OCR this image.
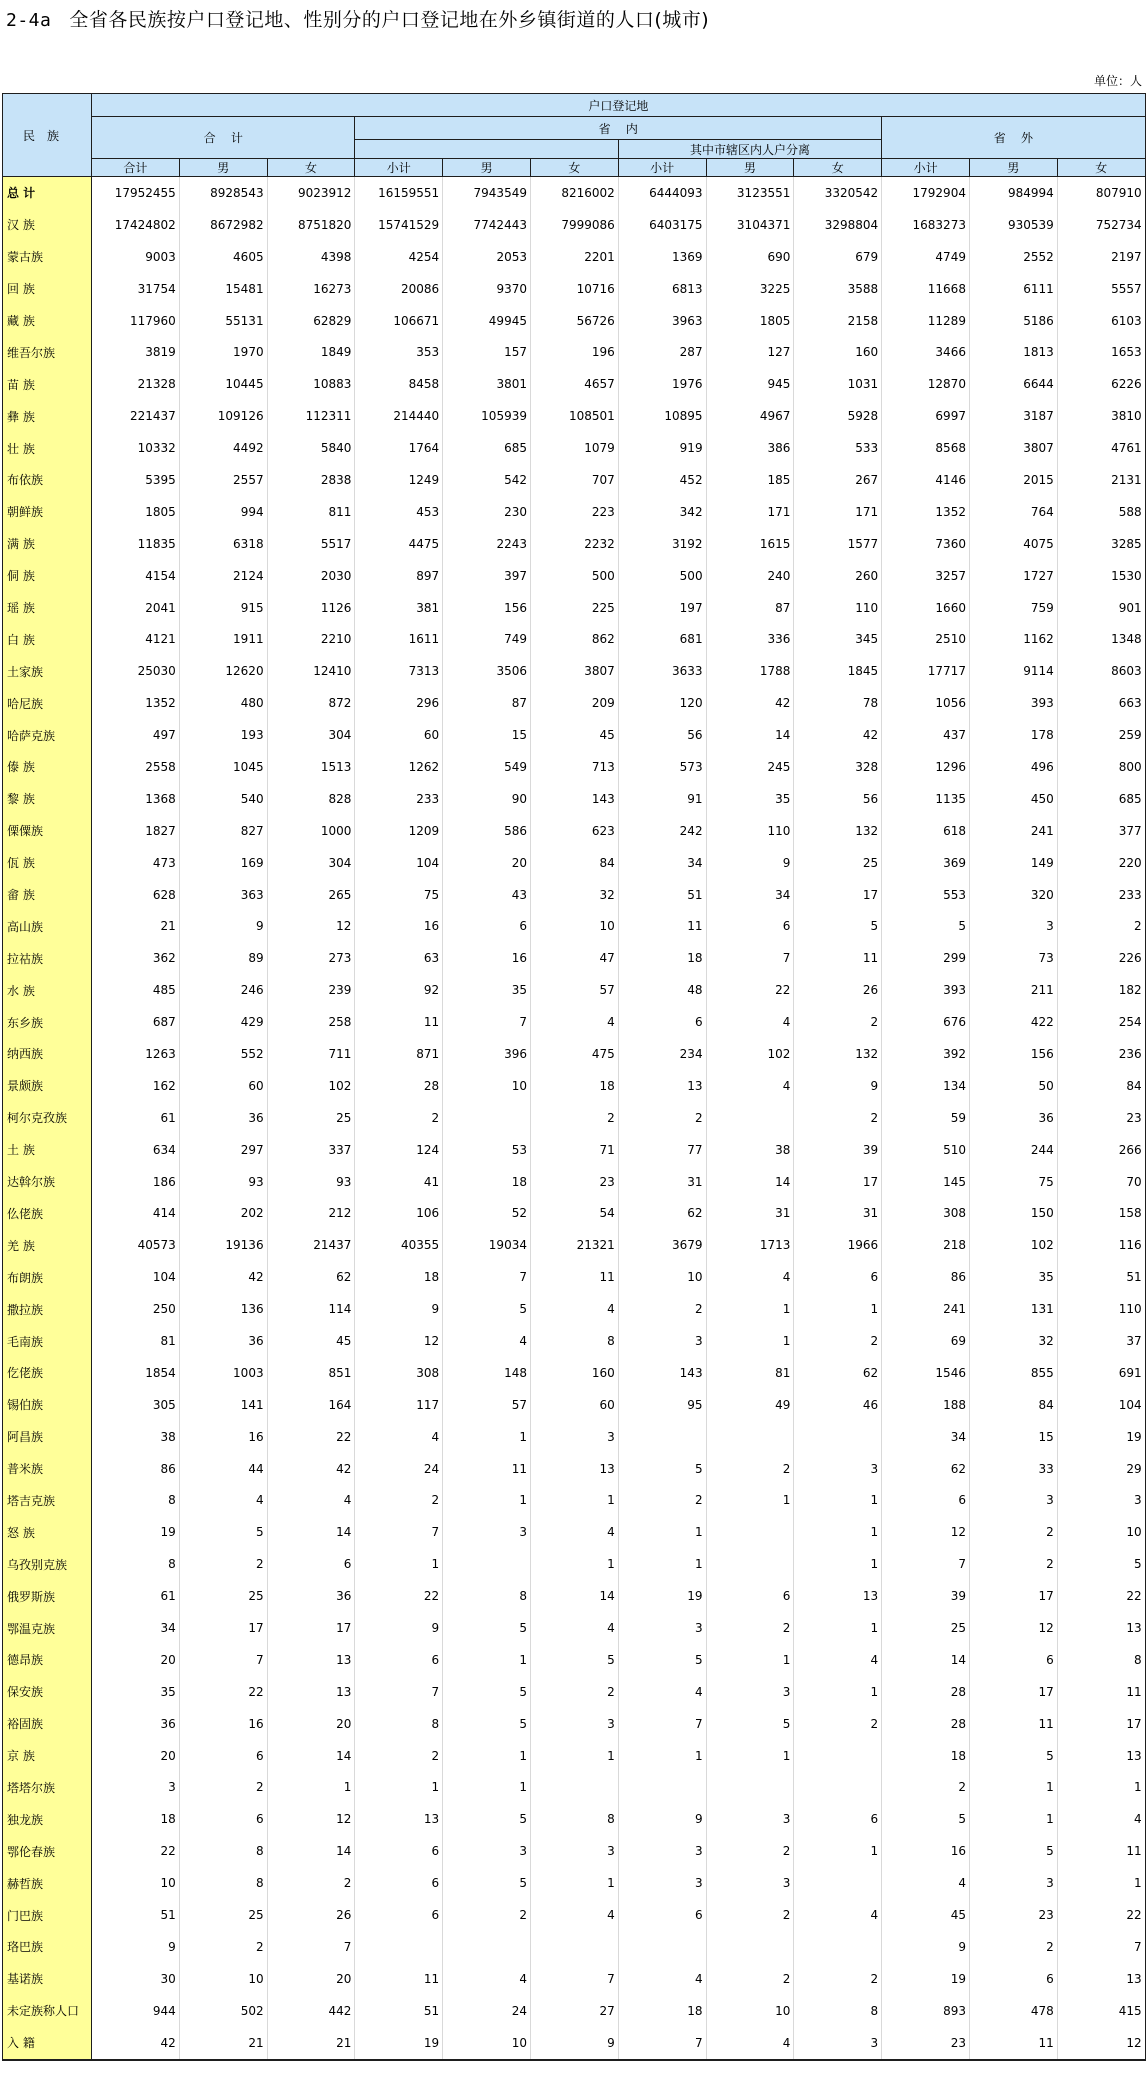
2-4a 全省各民族按户口登记地、性别分的户口登记地在外乡镇街道的人口(城市)
单位：人
民族	户口登记地											
	合    计			省    内						省    外		
							其中市辖区内人户分离					
	合计	男	女	小计	男	女	小计	男	女	小计	男	女
总 计	17952455	8928543	9023912	16159551	7943549	8216002	6444093	3123551	3320542	1792904	984994	807910
汉 族	17424802	8672982	8751820	15741529	7742443	7999086	6403175	3104371	3298804	1683273	930539	752734
蒙古族	9003	4605	4398	4254	2053	2201	1369	690	679	4749	2552	2197
回 族	31754	15481	16273	20086	9370	10716	6813	3225	3588	11668	6111	5557
藏 族	117960	55131	62829	106671	49945	56726	3963	1805	2158	11289	5186	6103
维吾尔族	3819	1970	1849	353	157	196	287	127	160	3466	1813	1653
苗 族	21328	10445	10883	8458	3801	4657	1976	945	1031	12870	6644	6226
彝 族	221437	109126	112311	214440	105939	108501	10895	4967	5928	6997	3187	3810
壮 族	10332	4492	5840	1764	685	1079	919	386	533	8568	3807	4761
布依族	5395	2557	2838	1249	542	707	452	185	267	4146	2015	2131
朝鲜族	1805	994	811	453	230	223	342	171	171	1352	764	588
满 族	11835	6318	5517	4475	2243	2232	3192	1615	1577	7360	4075	3285
侗 族	4154	2124	2030	897	397	500	500	240	260	3257	1727	1530
瑶 族	2041	915	1126	381	156	225	197	87	110	1660	759	901
白 族	4121	1911	2210	1611	749	862	681	336	345	2510	1162	1348
土家族	25030	12620	12410	7313	3506	3807	3633	1788	1845	17717	9114	8603
哈尼族	1352	480	872	296	87	209	120	42	78	1056	393	663
哈萨克族	497	193	304	60	15	45	56	14	42	437	178	259
傣 族	2558	1045	1513	1262	549	713	573	245	328	1296	496	800
黎 族	1368	540	828	233	90	143	91	35	56	1135	450	685
傈僳族	1827	827	1000	1209	586	623	242	110	132	618	241	377
佤 族	473	169	304	104	20	84	34	9	25	369	149	220
畲 族	628	363	265	75	43	32	51	34	17	553	320	233
高山族	21	9	12	16	6	10	11	6	5	5	3	2
拉祜族	362	89	273	63	16	47	18	7	11	299	73	226
水 族	485	246	239	92	35	57	48	22	26	393	211	182
东乡族	687	429	258	11	7	4	6	4	2	676	422	254
纳西族	1263	552	711	871	396	475	234	102	132	392	156	236
景颇族	162	60	102	28	10	18	13	4	9	134	50	84
柯尔克孜族	61	36	25	2		2	2		2	59	36	23
土 族	634	297	337	124	53	71	77	38	39	510	244	266
达斡尔族	186	93	93	41	18	23	31	14	17	145	75	70
仫佬族	414	202	212	106	52	54	62	31	31	308	150	158
羌 族	40573	19136	21437	40355	19034	21321	3679	1713	1966	218	102	116
布朗族	104	42	62	18	7	11	10	4	6	86	35	51
撒拉族	250	136	114	9	5	4	2	1	1	241	131	110
毛南族	81	36	45	12	4	8	3	1	2	69	32	37
仡佬族	1854	1003	851	308	148	160	143	81	62	1546	855	691
锡伯族	305	141	164	117	57	60	95	49	46	188	84	104
阿昌族	38	16	22	4	1	3				34	15	19
普米族	86	44	42	24	11	13	5	2	3	62	33	29
塔吉克族	8	4	4	2	1	1	2	1	1	6	3	3
怒 族	19	5	14	7	3	4	1		1	12	2	10
乌孜别克族	8	2	6	1		1	1		1	7	2	5
俄罗斯族	61	25	36	22	8	14	19	6	13	39	17	22
鄂温克族	34	17	17	9	5	4	3	2	1	25	12	13
德昂族	20	7	13	6	1	5	5	1	4	14	6	8
保安族	35	22	13	7	5	2	4	3	1	28	17	11
裕固族	36	16	20	8	5	3	7	5	2	28	11	17
京 族	20	6	14	2	1	1	1	1		18	5	13
塔塔尔族	3	2	1	1	1					2	1	1
独龙族	18	6	12	13	5	8	9	3	6	5	1	4
鄂伦春族	22	8	14	6	3	3	3	2	1	16	5	11
赫哲族	10	8	2	6	5	1	3	3		4	3	1
门巴族	51	25	26	6	2	4	6	2	4	45	23	22
珞巴族	9	2	7							9	2	7
基诺族	30	10	20	11	4	7	4	2	2	19	6	13
未定族称人口	944	502	442	51	24	27	18	10	8	893	478	415
入 籍	42	21	21	19	10	9	7	4	3	23	11	12
